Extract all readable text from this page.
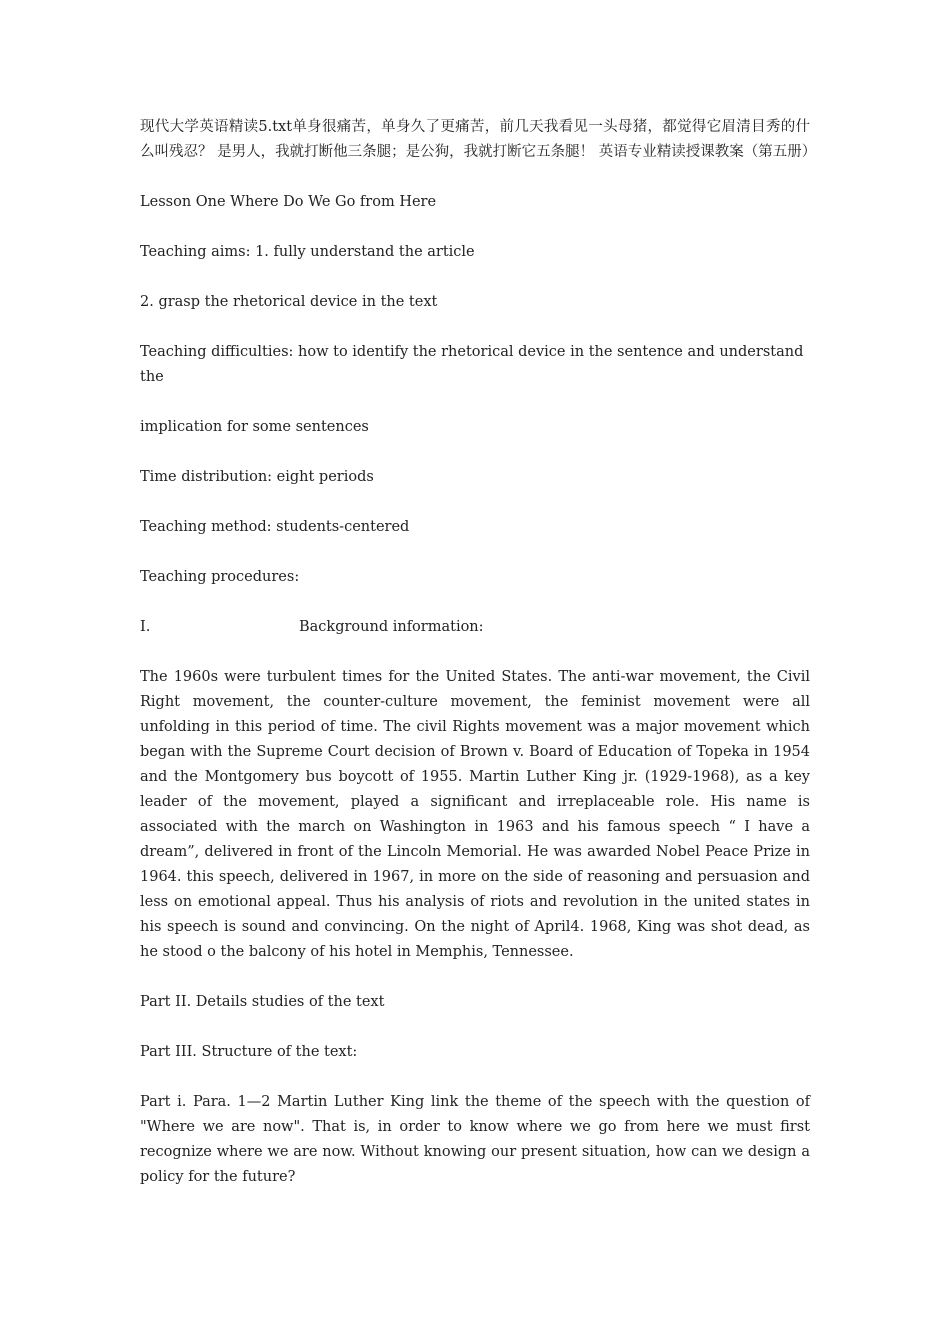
现代大学英语精读5.txt单身很痛苦，单身久了更痛苦，前几天我看见一头母猪，都觉得它眉清目秀的什么叫残忍？ 是男人，我就打断他三条腿；是公狗，我就打断它五条腿！ 英语专业精读授课教案（第五册）

Lesson One Where Do We Go from Here

Teaching aims: 1. fully understand the article

2. grasp the rhetorical device in the text

Teaching difficulties: how to identify the rhetorical device in the sentence and understand the

implication for some sentences

Time distribution: eight periods

Teaching method: students-centered

Teaching procedures:

I.	Background information:

The 1960s were turbulent times for the United States. The anti-war movement, the Civil Right movement, the counter-culture movement, the feminist movement were all unfolding in this period of time. The civil Rights movement was a major movement which began with the Supreme Court decision of Brown v. Board of Education of Topeka in 1954 and the Montgomery bus boycott of 1955. Martin Luther King jr. (1929-1968), as a key leader of the movement, played a significant and irreplaceable role. His name is associated with the march on Washington in 1963 and his famous speech “ I have a dream”, delivered in front of the Lincoln Memorial. He was awarded Nobel Peace Prize in 1964. this speech, delivered in 1967, in more on the side of reasoning and persuasion and less on emotional appeal. Thus his analysis of riots and revolution in the united states in his speech is sound and convincing. On the night of April4. 1968, King was shot dead, as he stood o the balcony of his hotel in Memphis, Tennessee.

Part II. Details studies of the text

Part III. Structure of the text:

Part i. Para. 1—2 Martin Luther King link the theme of the speech with the question of "Where we are now". That is, in order to know where we go from here we must first recognize where we are now. Without knowing our present situation, how can we design a policy for the future?
